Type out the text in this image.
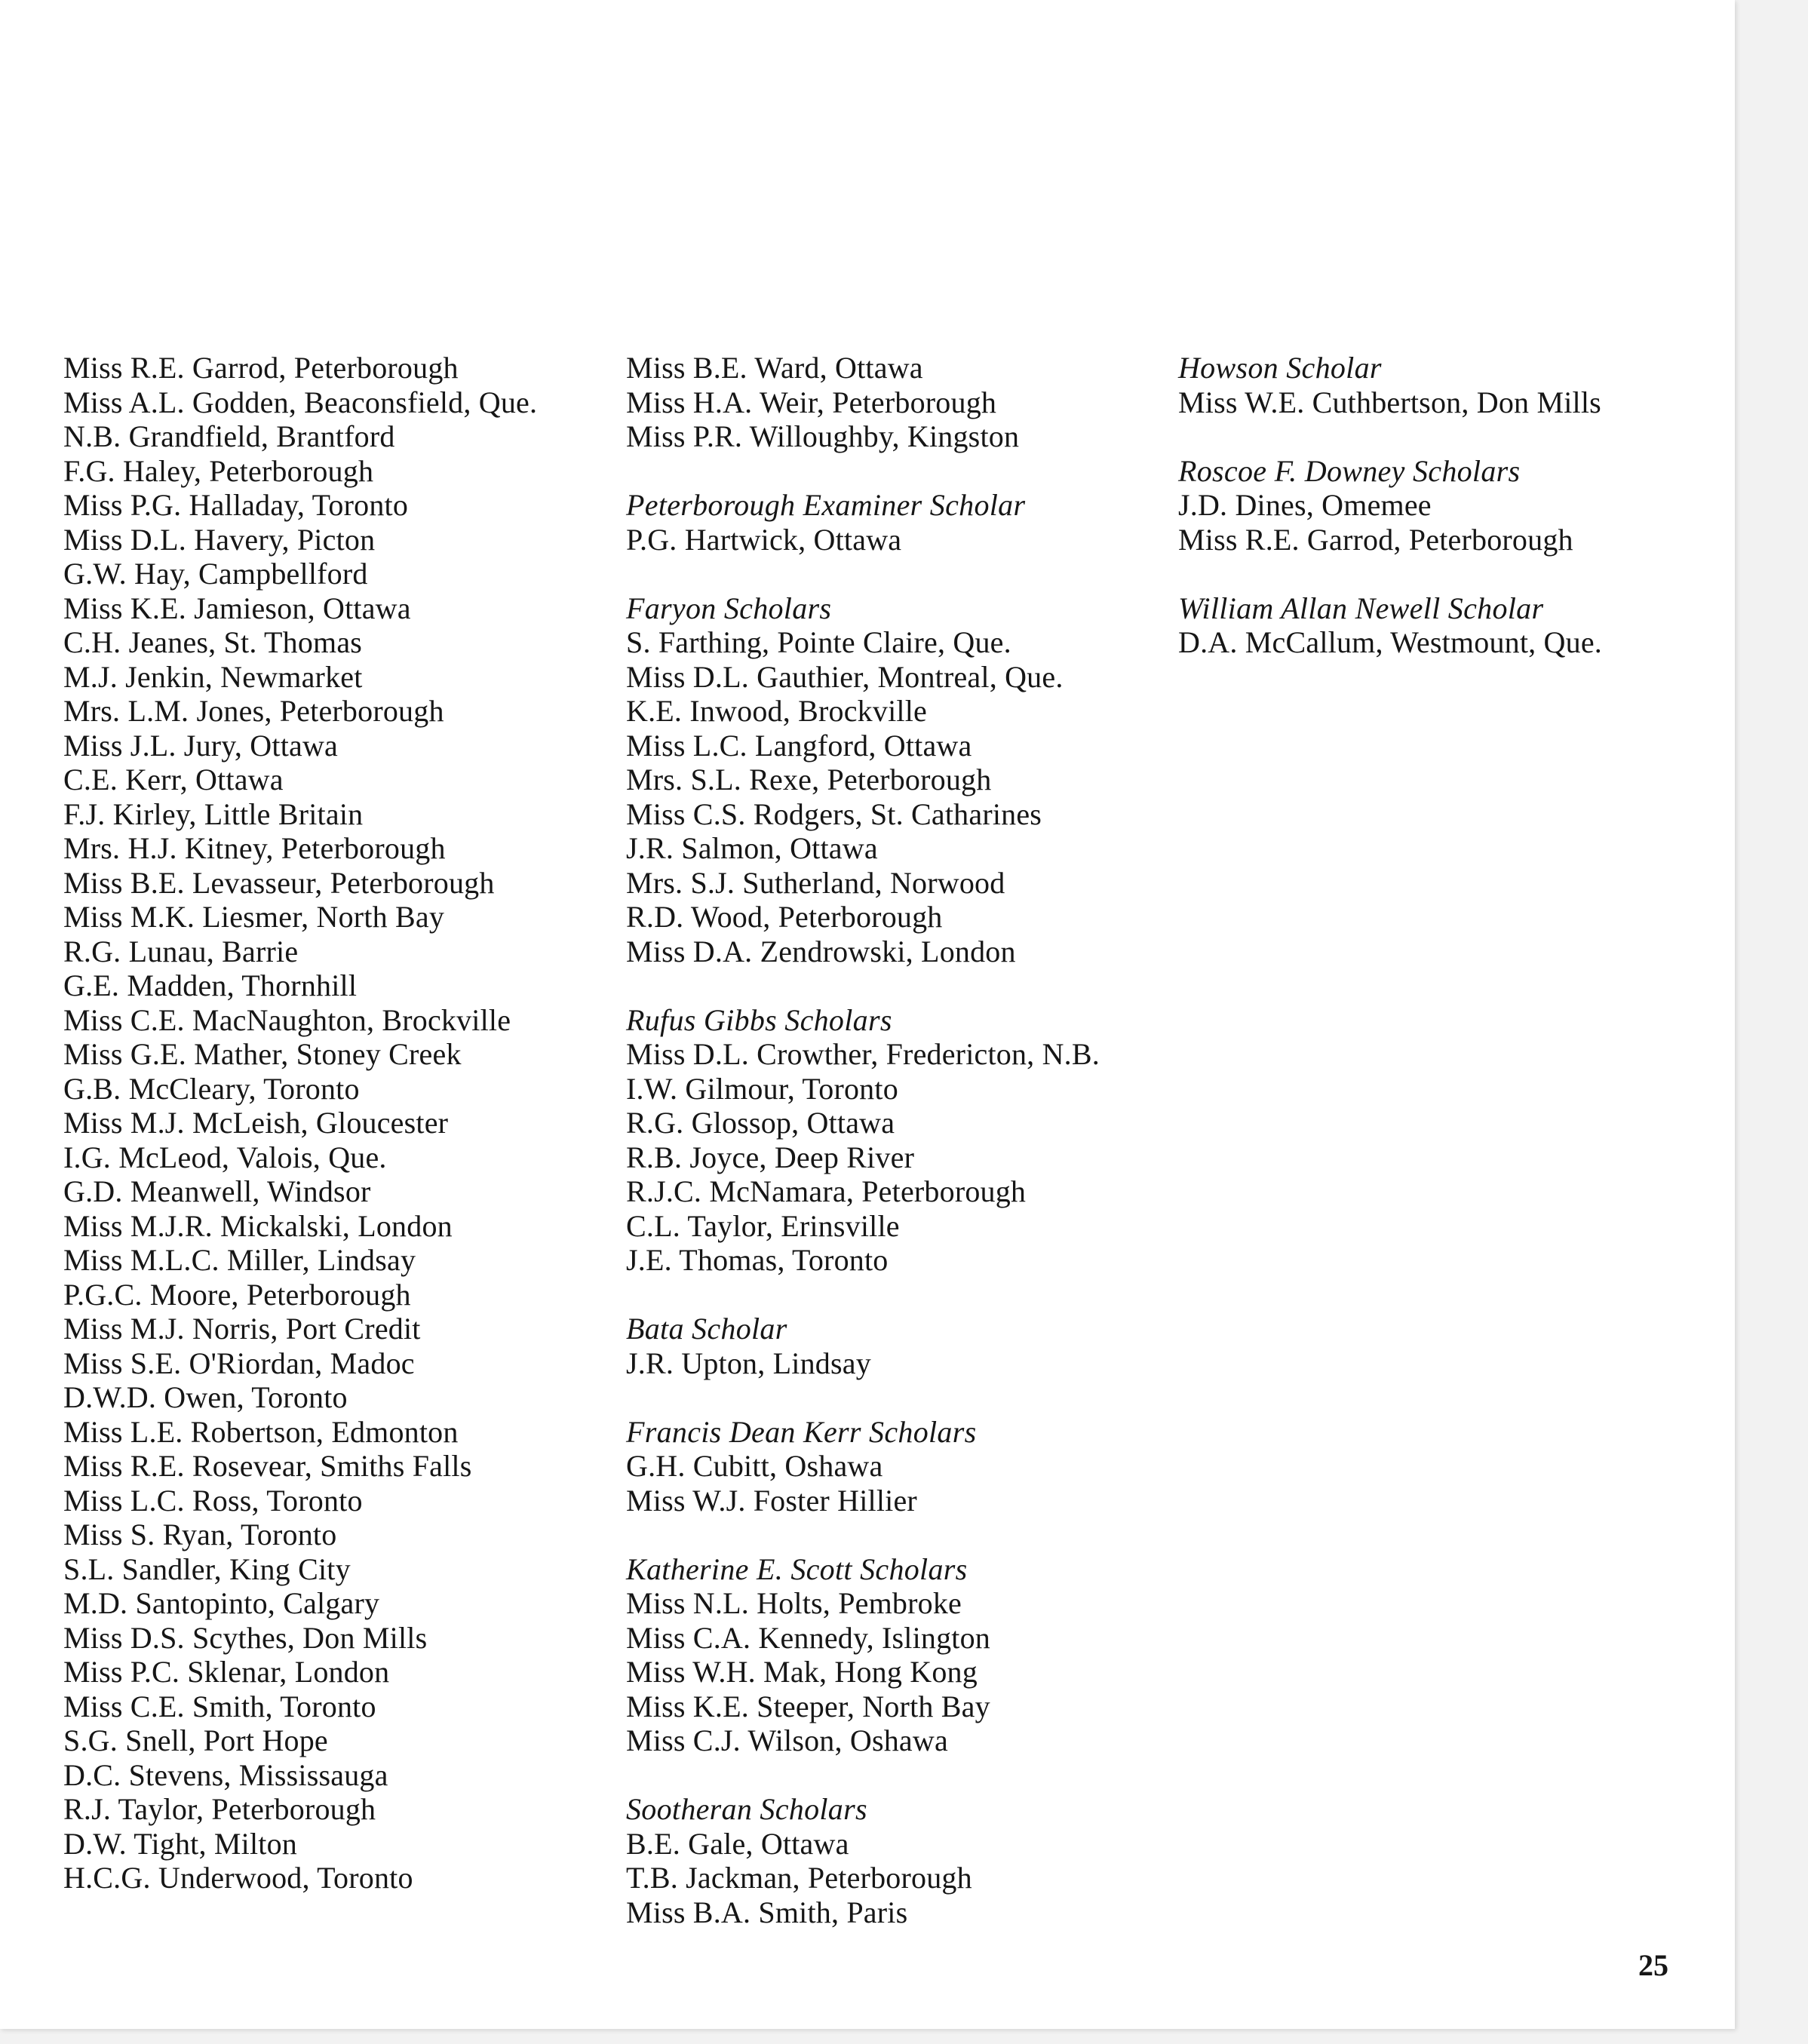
Miss R.E. Garrod, Peterborough
Miss A.L. Godden, Beaconsfield, Que.
N.B. Grandfield, Brantford
F.G. Haley, Peterborough
Miss P.G. Halladay, Toronto
Miss D.L. Havery, Picton
G.W. Hay, Campbellford
Miss K.E. Jamieson, Ottawa
C.H. Jeanes, St. Thomas
M.J. Jenkin, Newmarket
Mrs. L.M. Jones, Peterborough
Miss J.L. Jury, Ottawa
C.E. Kerr, Ottawa
F.J. Kirley, Little Britain
Mrs. H.J. Kitney, Peterborough
Miss B.E. Levasseur, Peterborough
Miss M.K. Liesmer, North Bay
R.G. Lunau, Barrie
G.E. Madden, Thornhill
Miss C.E. MacNaughton, Brockville
Miss G.E. Mather, Stoney Creek
G.B. McCleary, Toronto
Miss M.J. McLeish, Gloucester
I.G. McLeod, Valois, Que.
G.D. Meanwell, Windsor
Miss M.J.R. Mickalski, London
Miss M.L.C. Miller, Lindsay
P.G.C. Moore, Peterborough
Miss M.J. Norris, Port Credit
Miss S.E. O'Riordan, Madoc
D.W.D. Owen, Toronto
Miss L.E. Robertson, Edmonton
Miss R.E. Rosevear, Smiths Falls
Miss L.C. Ross, Toronto
Miss S. Ryan, Toronto
S.L. Sandler, King City
M.D. Santopinto, Calgary
Miss D.S. Scythes, Don Mills
Miss P.C. Sklenar, London
Miss C.E. Smith, Toronto
S.G. Snell, Port Hope
D.C. Stevens, Mississauga
R.J. Taylor, Peterborough
D.W. Tight, Milton
H.C.G. Underwood, Toronto
Miss B.E. Ward, Ottawa
Miss H.A. Weir, Peterborough
Miss P.R. Willoughby, Kingston
Peterborough Examiner Scholar
P.G. Hartwick, Ottawa
Faryon Scholars
S. Farthing, Pointe Claire, Que.
Miss D.L. Gauthier, Montreal, Que.
K.E. Inwood, Brockville
Miss L.C. Langford, Ottawa
Mrs. S.L. Rexe, Peterborough
Miss C.S. Rodgers, St. Catharines
J.R. Salmon, Ottawa
Mrs. S.J. Sutherland, Norwood
R.D. Wood, Peterborough
Miss D.A. Zendrowski, London
Rufus Gibbs Scholars
Miss D.L. Crowther, Fredericton, N.B.
I.W. Gilmour, Toronto
R.G. Glossop, Ottawa
R.B. Joyce, Deep River
R.J.C. McNamara, Peterborough
C.L. Taylor, Erinsville
J.E. Thomas, Toronto
Bata Scholar
J.R. Upton, Lindsay
Francis Dean Kerr Scholars
G.H. Cubitt, Oshawa
Miss W.J. Foster Hillier
Katherine E. Scott Scholars
Miss N.L. Holts, Pembroke
Miss C.A. Kennedy, Islington
Miss W.H. Mak, Hong Kong
Miss K.E. Steeper, North Bay
Miss C.J. Wilson, Oshawa
Sootheran Scholars
B.E. Gale, Ottawa
T.B. Jackman, Peterborough
Miss B.A. Smith, Paris
Howson Scholar
Miss W.E. Cuthbertson, Don Mills
Roscoe F. Downey Scholars
J.D. Dines, Omemee
Miss R.E. Garrod, Peterborough
William Allan Newell Scholar
D.A. McCallum, Westmount, Que.
25
